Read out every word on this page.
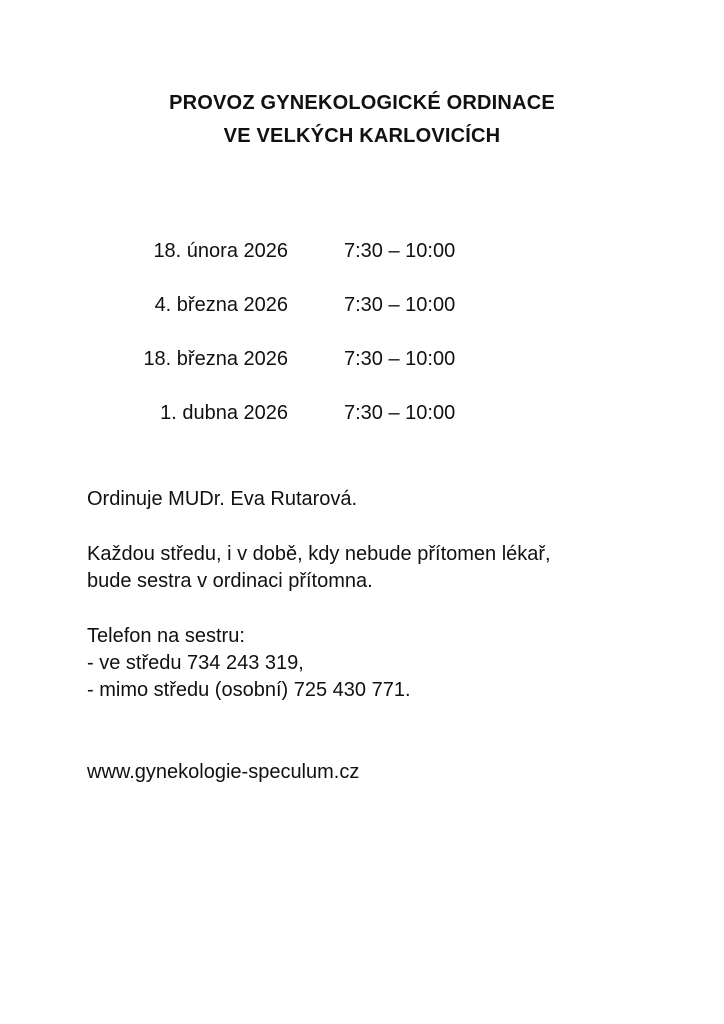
PROVOZ GYNEKOLOGICKÉ ORDINACE
VE VELKÝCH KARLOVICÍCH
18. února 2026	7:30 – 10:00
4. března 2026	7:30 – 10:00
18. března 2026	7:30 – 10:00
1. dubna 2026	7:30 – 10:00
Ordinuje MUDr. Eva Rutarová.
Každou středu, i v době, kdy nebude přítomen lékař,
bude sestra v ordinaci přítomna.
Telefon na sestru:
- ve středu 734 243 319,
- mimo středu (osobní) 725 430 771.
www.gynekologie-speculum.cz
